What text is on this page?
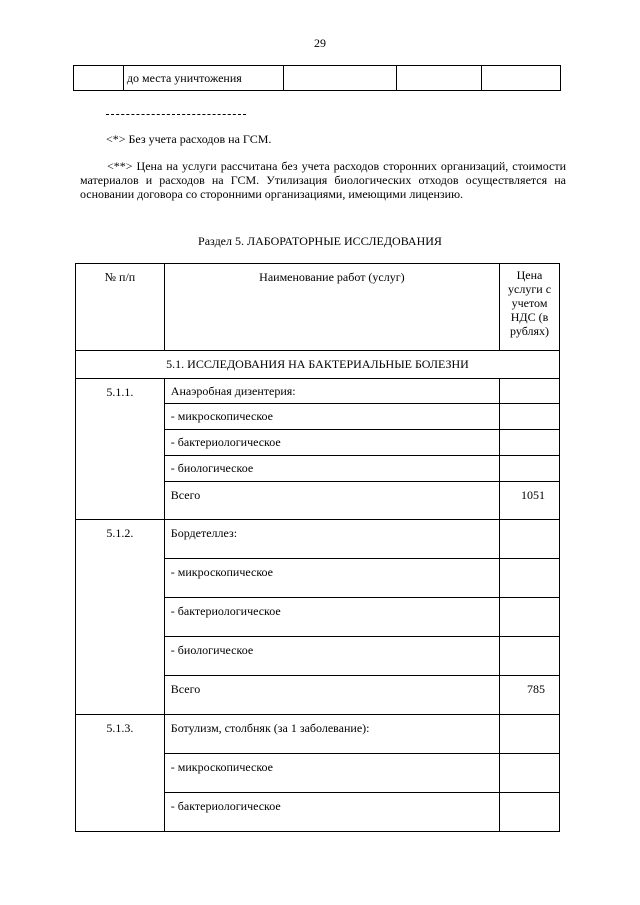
29
	до места уничтожения			
<*> Без учета расходов на ГСМ.

<**> Цена на услуги рассчитана без учета расходов сторонних организаций, стоимости материалов и расходов на ГСМ. Утилизация биологических отходов осуществляется на основании договора со сторонними организациями, имеющими лицензию.

Раздел 5. ЛАБОРАТОРНЫЕ ИССЛЕДОВАНИЯ
№ п/п	Наименование работ (услуг)	Цена услуги с учетом НДС (в рублях)
5.1. ИССЛЕДОВАНИЯ НА БАКТЕРИАЛЬНЫЕ БОЛЕЗНИ		
5.1.1.	Анаэробная дизентерия:	
	- микроскопическое	
	- бактериологическое	
	- биологическое	
	Всего	1051
5.1.2.	Бордетеллез:	
	- микроскопическое	
	- бактериологическое	
	- биологическое	
	Всего	785
5.1.3.	Ботулизм, столбняк (за 1 заболевание):	
	- микроскопическое	
	- бактериологическое	
